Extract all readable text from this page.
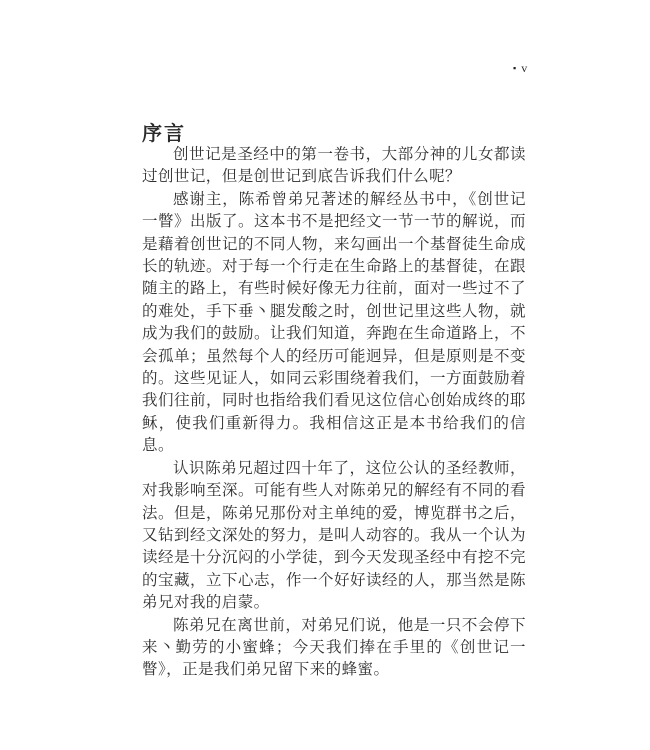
▪ v
序言

创世记是圣经中的第一卷书，大部分神的儿女都读过创世记，但是创世记到底告诉我们什么呢？

感谢主，陈希曾弟兄著述的解经丛书中，《创世记一瞥》出版了。这本书不是把经文一节一节的解说，而是藉着创世记的不同人物，来勾画出一个基督徒生命成长的轨迹。对于每一个行走在生命路上的基督徒，在跟随主的路上，有些时候好像无力往前，面对一些过不了的难处，手下垂丶腿发酸之时，创世记里这些人物，就成为我们的鼓励。让我们知道，奔跑在生命道路上，不会孤单；虽然每个人的经历可能迥异，但是原则是不变的。这些见证人，如同云彩围绕着我们，一方面鼓励着我们往前，同时也指给我们看见这位信心创始成终的耶稣，使我们重新得力。我相信这正是本书给我们的信息。

认识陈弟兄超过四十年了，这位公认的圣经教师，对我影响至深。可能有些人对陈弟兄的解经有不同的看法。但是，陈弟兄那份对主单纯的爱，博览群书之后，又钻到经文深处的努力，是叫人动容的。我从一个认为读经是十分沉闷的小学徒，到今天发现圣经中有挖不完的宝藏，立下心志，作一个好好读经的人，那当然是陈弟兄对我的启蒙。

陈弟兄在离世前，对弟兄们说，他是一只不会停下来丶勤劳的小蜜蜂；今天我们捧在手里的《创世记一瞥》，正是我们弟兄留下来的蜂蜜。
